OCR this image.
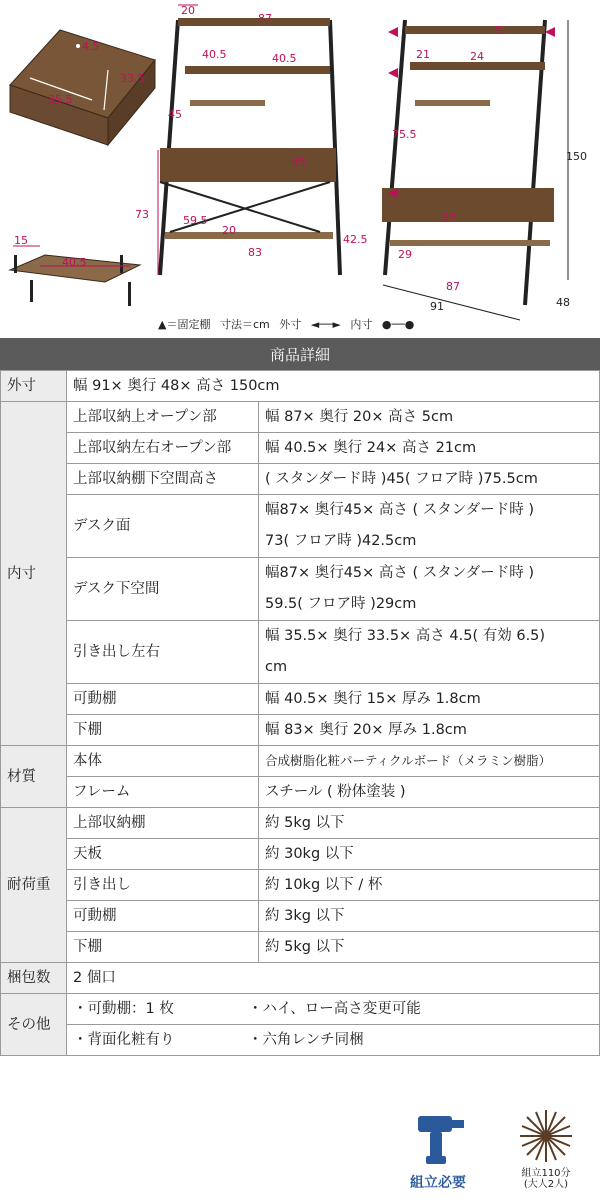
35.5
33.5
4.5
15
40.5
20
87
40.5	40.5
45
73
45
59.5
20
83
5
21	24
75.5
87
42.5
29
87
91	48
150
▲＝固定棚 寸法＝cm 外寸 ◄──► 内寸 ●──●
商品詳細
外寸	幅 91× 奥行 48× 高さ 150cm	
内寸	上部収納上オープン部	幅 87× 奥行 20× 高さ 5cm
	上部収納左右オープン部	幅 40.5× 奥行 24× 高さ 21cm
	上部収納棚下空間高さ	( スタンダード時 )45( フロア時 )75.5cm
	デスク面	幅87× 奥行45× 高さ ( スタンダード時 )
73( フロア時 )42.5cm

	デスク下空間	幅87× 奥行45× 高さ ( スタンダード時 )
59.5( フロア時 )29cm

	引き出し左右	幅 35.5× 奥行 33.5× 高さ 4.5( 有効 6.5)
cm

	可動棚	幅 40.5× 奥行 15× 厚み 1.8cm
	下棚	幅 83× 奥行 20× 厚み 1.8cm
材質	本体	合成樹脂化粧パーティクルボード（メラミン樹脂）
	フレーム	スチール ( 粉体塗装 )
耐荷重	上部収納棚	約 5kg 以下
	天板	約 30kg 以下
	引き出し	約 10kg 以下 / 杯
	可動棚	約 3kg 以下
	下棚	約 5kg 以下
梱包数	2 個口	
その他	・可動棚：1 枚 ・ハイ、ロー高さ変更可能	
	・背面化粧有り ・六角レンチ同梱	
組立必要
組立110分
(大人2人)
